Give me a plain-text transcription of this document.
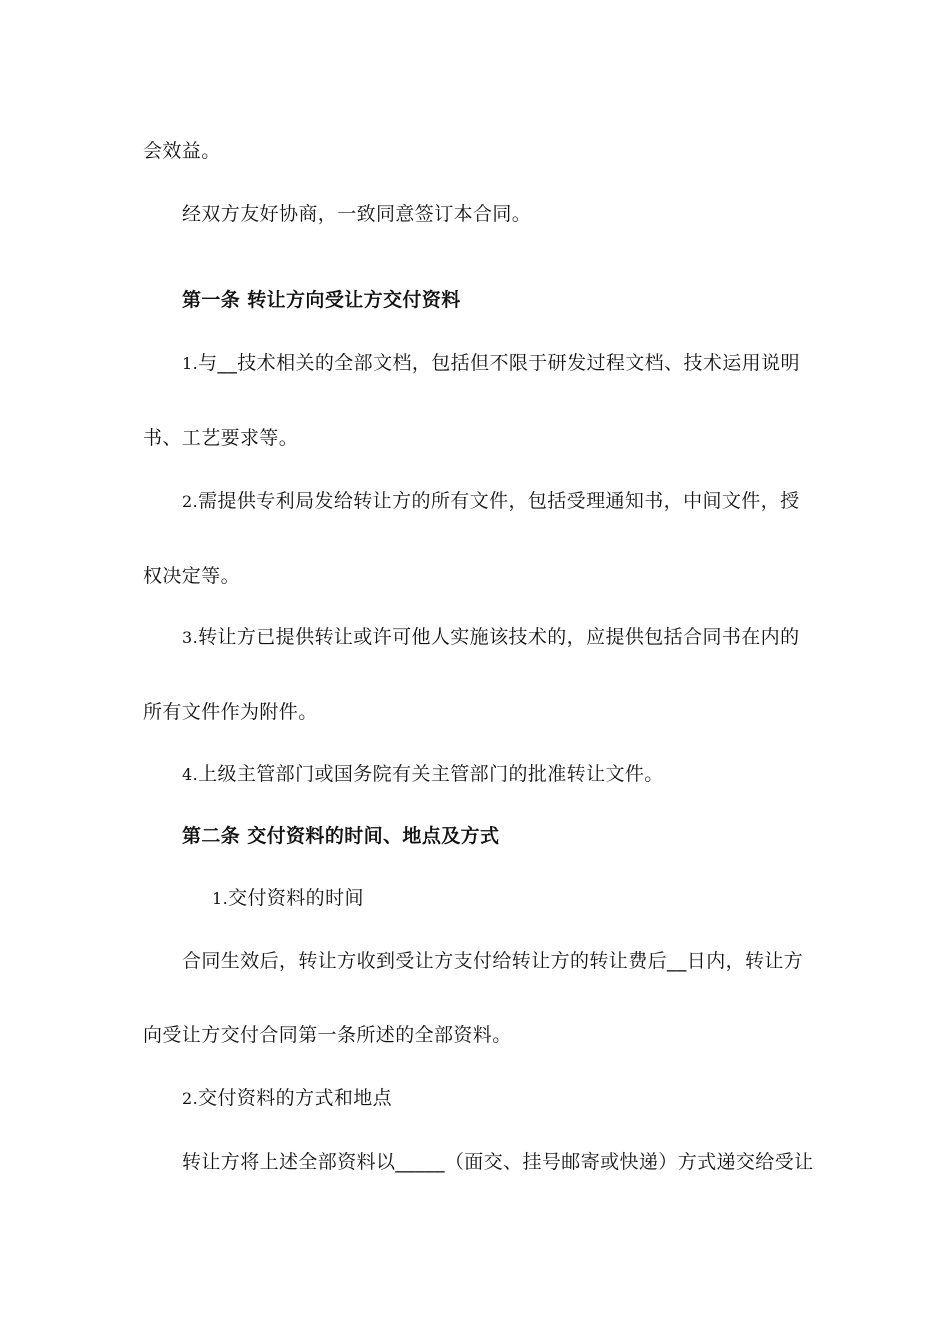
会效益。
经双方友好协商，一致同意签订本合同。
第一条 转让方向受让方交付资料
1.与__技术相关的全部文档，包括但不限于研发过程文档、技术运用说明
书、工艺要求等。
2.需提供专利局发给转让方的所有文件，包括受理通知书，中间文件，授
权决定等。
3.转让方已提供转让或许可他人实施该技术的，应提供包括合同书在内的
所有文件作为附件。
4.上级主管部门或国务院有关主管部门的批准转让文件。
第二条 交付资料的时间、地点及方式
1.交付资料的时间
合同生效后，转让方收到受让方支付给转让方的转让费后__日内，转让方
向受让方交付合同第一条所述的全部资料。
2.交付资料的方式和地点
转让方将上述全部资料以_____（面交、挂号邮寄或快递）方式递交给受让
